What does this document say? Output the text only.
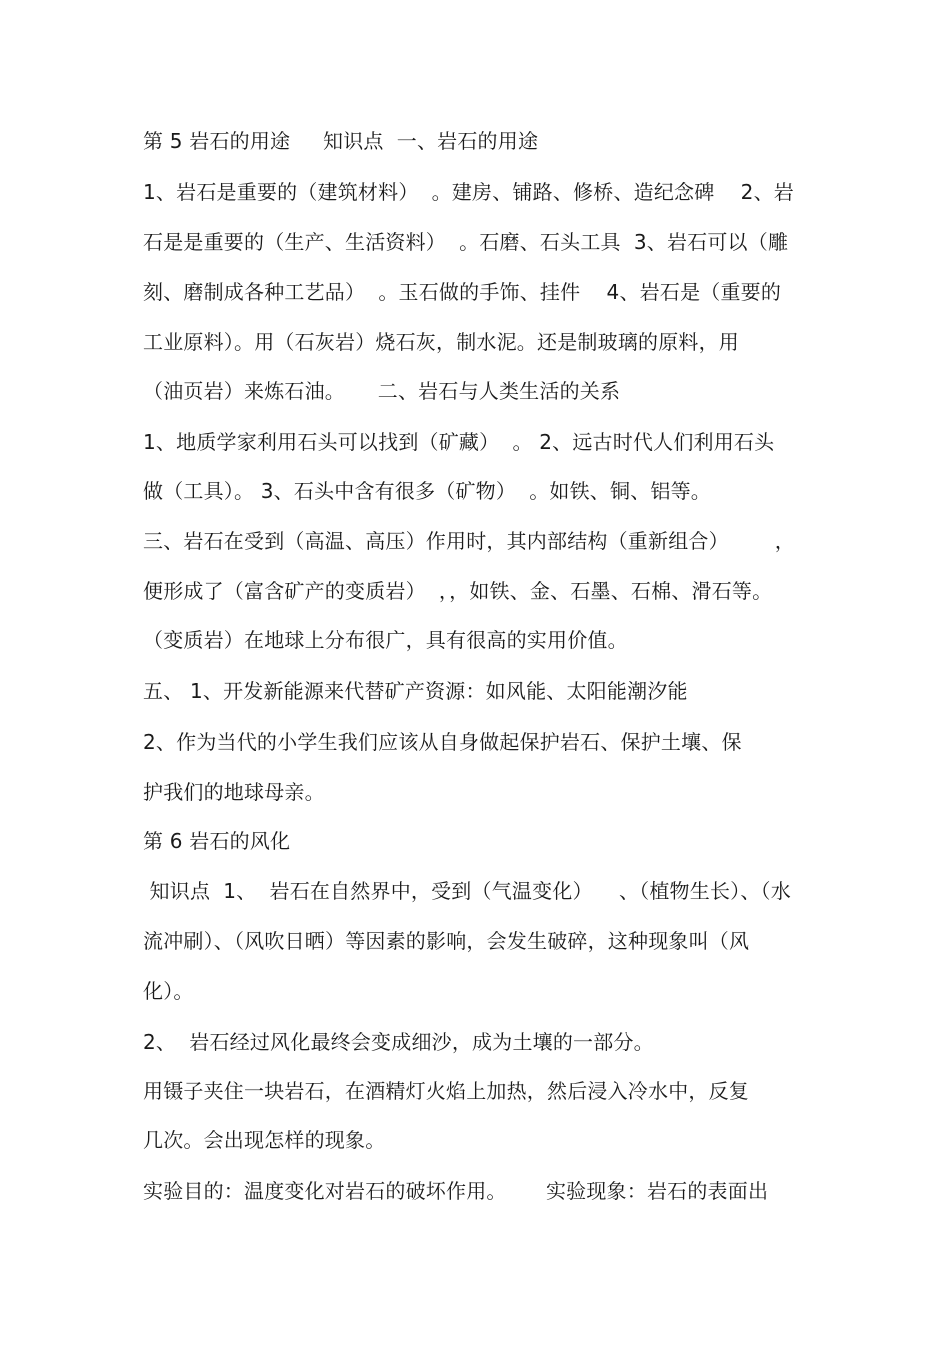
第 5 岩石的用途     知识点  一、岩石的用途
1、岩石是重要的（建筑材料）  。建房、铺路、修桥、造纪念碑    2、岩
石是是重要的（生产、生活资料）  。石磨、石头工具  3、岩石可以（雕
刻、磨制成各种工艺品）  。玉石做的手饰、挂件    4、岩石是（重要的
工业原料）。用（石灰岩）烧石灰，制水泥。还是制玻璃的原料，用
（油页岩）来炼石油。     二、岩石与人类生活的关系
1、地质学家利用石头可以找到（矿藏）  。 2、远古时代人们利用石头
做（工具）。 3、石头中含有很多（矿物）  。如铁、铜、铝等。
三、岩石在受到（高温、高压）作用时，其内部结构（重新组合）       ，
便形成了（富含矿产的变质岩）  ，，如铁、金、石墨、石棉、滑石等。
（变质岩）在地球上分布很广，具有很高的实用价值。
五、 1、开发新能源来代替矿产资源：如风能、太阳能潮汐能
2、作为当代的小学生我们应该从自身做起保护岩石、保护土壤、保
护我们的地球母亲。
第 6 岩石的风化
知识点  1、  岩石在自然界中，受到（气温变化）    、（植物生长）、（水
流冲刷）、（风吹日晒）等因素的影响，会发生破碎，这种现象叫（风
化）。
2、  岩石经过风化最终会变成细沙，成为土壤的一部分。
用镊子夹住一块岩石，在酒精灯火焰上加热，然后浸入冷水中，反复
几次。会出现怎样的现象。
实验目的：温度变化对岩石的破坏作用。      实验现象：岩石的表面出
